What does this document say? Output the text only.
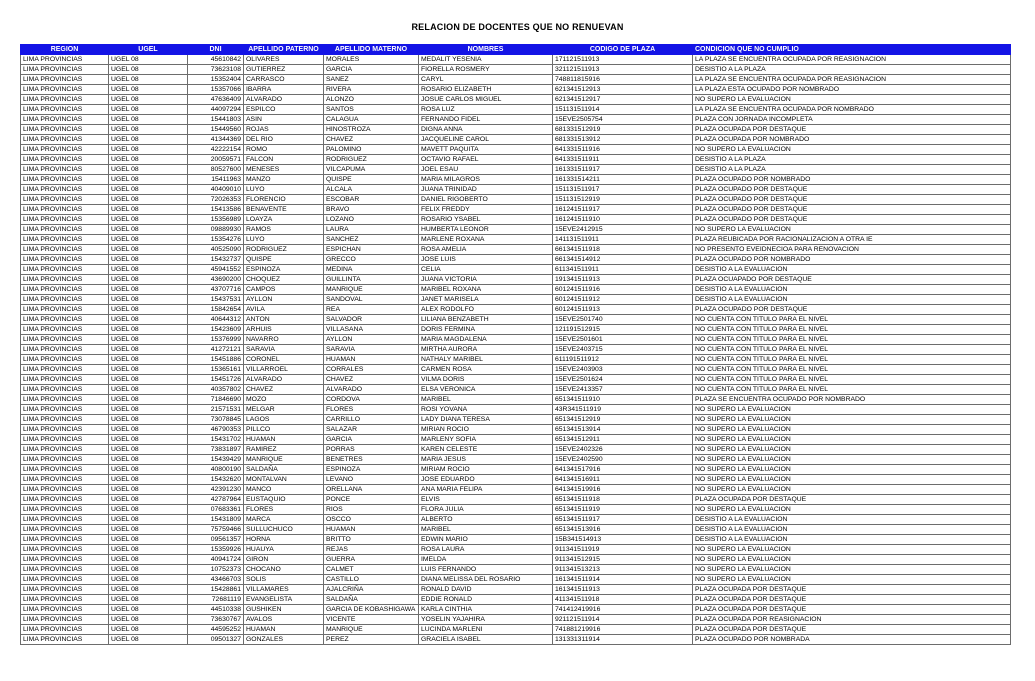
RELACION DE DOCENTES QUE NO RENUEVAN
REGION	UGEL	DNI	APELLIDO PATERNO	APELLIDO MATERNO	NOMBRES	CODIGO DE PLAZA	CONDICION QUE NO CUMPLIO
LIMA PROVINCIAS	UGEL 08	45610842	OLIVARES	MORALES	MEDALIT YESENIA	171121511913	LA PLAZA SE ENCUENTRA OCUPADA POR REASIGNACION
LIMA PROVINCIAS	UGEL 08	73623108	GUTIERREZ	GARCIA	FIORELLA ROSMERY	321121511913	DESISTIO A LA PLAZA
LIMA PROVINCIAS	UGEL 08	15352404	CARRASCO	SANEZ	CARYL	748811815916	LA PLAZA SE ENCUENTRA OCUPADA POR REASIGNACION
LIMA PROVINCIAS	UGEL 08	15357066	IBARRA	RIVERA	ROSARIO ELIZABETH	621341512913	LA PLAZA ESTA OCUPADO POR NOMBRADO
LIMA PROVINCIAS	UGEL 08	47636409	ALVARADO	ALONZO	JOSUE CARLOS MIGUEL	621341512917	NO SUPERO LA EVALUACION
LIMA PROVINCIAS	UGEL 08	44097294	ESPILCO	SANTOS	ROSA LUZ	151131511914	LA PLAZA SE ENCUENTRA OCUPADA POR NOMBRADO
LIMA PROVINCIAS	UGEL 08	15441803	ASIN	CALAGUA	FERNANDO FIDEL	15EVE2505754	PLAZA CON JORNADA INCOMPLETA
LIMA PROVINCIAS	UGEL 08	15449560	ROJAS	HINOSTROZA	DIGNA ANNA	681331512919	PLAZA OCUPADA POR DESTAQUE
LIMA PROVINCIAS	UGEL 08	41344369	DEL RIO	CHAVEZ	JACQUELINE CAROL	681331513912	PLAZA OCUPADA POR NOMBRADO
LIMA PROVINCIAS	UGEL 08	42222154	ROMO	PALOMINO	MAVETT PAQUITA	641331511916	NO SUPERO LA EVALUACION
LIMA PROVINCIAS	UGEL 08	20059571	FALCON	RODRIGUEZ	OCTAVIO RAFAEL	641331511911	DESISTIO A LA PLAZA
LIMA PROVINCIAS	UGEL 08	80527600	MENESES	VILCAPUMA	JOEL ESAU	161331511917	DESISTIO A LA PLAZA
LIMA PROVINCIAS	UGEL 08	15411963	MANZO	QUISPE	MARIA MILAGROS	161331514211	PLAZA OCUPADO POR NOMBRADO
LIMA PROVINCIAS	UGEL 08	40409010	LUYO	ALCALA	JUANA TRINIDAD	151131511917	PLAZA OCUPADO POR DESTAQUE
LIMA PROVINCIAS	UGEL 08	72026353	FLORENCIO	ESCOBAR	DANIEL RIGOBERTO	151131512919	PLAZA OCUPADO POR DESTAQUE
LIMA PROVINCIAS	UGEL 08	15413586	BENAVENTE	BRAVO	FELIX FREDDY	161241511917	PLAZA OCUPADO POR DESTAQUE
LIMA PROVINCIAS	UGEL 08	15356989	LOAYZA	LOZANO	ROSARIO YSABEL	161241511910	PLAZA OCUPADO POR DESTAQUE
LIMA PROVINCIAS	UGEL 08	09889930	RAMOS	LAURA	HUMBERTA LEONOR	15EVE2412915	NO SUPERO LA EVALUACION
LIMA PROVINCIAS	UGEL 08	15354276	LUYO	SANCHEZ	MARLENE ROXANA	141131511911	PLAZA REUBICADA POR RACIONALIZACION A OTRA IE
LIMA PROVINCIAS	UGEL 08	40525090	RODRIGUEZ	ESPICHAN	ROSA AMELIA	661341511918	NO PRESENTO EVEIDNECIOA PARA RENOVACION
LIMA PROVINCIAS	UGEL 08	15432737	QUISPE	GRECCO	JOSE LUIS	661341514912	PLAZA OCUPADO POR NOMBRADO
LIMA PROVINCIAS	UGEL 08	45941552	ESPINOZA	MEDINA	CELIA	611341511911	DESISTIO A LA EVALUACION
LIMA PROVINCIAS	UGEL 08	43690200	CHOQUEZ	GUILLINTA	JUANA VICTORIA	191341511913	PLAZA OCUAPADO POR DESTAQUE
LIMA PROVINCIAS	UGEL 08	43707716	CAMPOS	MANRIQUE	MARIBEL ROXANA	601241511916	DESISTIO A LA EVALUACION
LIMA PROVINCIAS	UGEL 08	15437531	AYLLON	SANDOVAL	JANET MARISELA	601241511912	DESISTIO A LA EVALUACION
LIMA PROVINCIAS	UGEL 08	15842654	AVILA	REA	ALEX RODOLFO	601241511913	PLAZA OCUPADO POR DESTAQUE
LIMA PROVINCIAS	UGEL 08	40644312	ANTON	SALVADOR	LILIANA BENZABETH	15EVE2501740	NO CUENTA CON TITULO PARA EL NIVEL
LIMA PROVINCIAS	UGEL 08	15423609	ARHUIS	VILLASANA	DORIS FERMINA	121191512915	NO CUENTA CON TITULO PARA EL NIVEL
LIMA PROVINCIAS	UGEL 08	15376999	NAVARRO	AYLLON	MARIA MAGDALENA	15EVE2501601	NO CUENTA CON TITULO PARA EL NIVEL
LIMA PROVINCIAS	UGEL 08	41272121	SARAVIA	SARAVIA	MIRTHA AURORA	15EVE2403715	NO CUENTA CON TITULO PARA EL NIVEL
LIMA PROVINCIAS	UGEL 08	15451886	CORONEL	HUAMAN	NATHALY MARIBEL	611191511912	NO CUENTA CON TITULO PARA EL NIVEL
LIMA PROVINCIAS	UGEL 08	15365161	VILLARROEL	CORRALES	CARMEN ROSA	15EVE2403903	NO CUENTA CON TITULO PARA EL NIVEL
LIMA PROVINCIAS	UGEL 08	15451726	ALVARADO	CHAVEZ	VILMA DORIS	15EVE2501624	NO CUENTA CON TITULO PARA EL NIVEL
LIMA PROVINCIAS	UGEL 08	40357802	CHAVEZ	ALVARADO	ELSA VERONICA	15EVE2413357	NO CUENTA CON TITULO PARA EL NIVEL
LIMA PROVINCIAS	UGEL 08	71846690	MOZO	CORDOVA	MARIBEL	651341511910	PLAZA SE ENCUENTRA OCUPADO POR NOMBRADO
LIMA PROVINCIAS	UGEL 08	21571531	MELGAR	FLORES	ROSI YOVANA	43R341511919	NO SUPERO LA EVALUACION
LIMA PROVINCIAS	UGEL 08	73078845	LAGOS	CARRILLO	LADY DIANA TERESA	651341512919	NO SUPERO LA EVALUACION
LIMA PROVINCIAS	UGEL 08	46790353	PILLCO	SALAZAR	MIRIAN ROCIO	651341513914	NO SUPERO LA EVALUACION
LIMA PROVINCIAS	UGEL 08	15431702	HUAMAN	GARCIA	MARLENY SOFIA	651341512911	NO SUPERO LA EVALUACION
LIMA PROVINCIAS	UGEL 08	73831897	RAMIREZ	PORRAS	KAREN CELESTE	15EVE2402326	NO SUPERO LA EVALUACION
LIMA PROVINCIAS	UGEL 08	15439429	MANRIQUE	BENETRES	MARIA JESUS	15EVE2402590	NO SUPERO LA EVALUACION
LIMA PROVINCIAS	UGEL 08	40800190	SALDAÑA	ESPINOZA	MIRIAM ROCIO	641341517916	NO SUPERO LA EVALUACION
LIMA PROVINCIAS	UGEL 08	15432620	MONTALVAN	LEVANO	JOSE EDUARDO	641341516911	NO SUPERO LA EVALUACION
LIMA PROVINCIAS	UGEL 08	42391230	MANCO	ORELLANA	ANA MARIA FELIPA	641341519916	NO SUPERO LA EVALUACION
LIMA PROVINCIAS	UGEL 08	42787964	EUSTAQUIO	PONCE	ELVIS	651341511918	PLAZA OCUPADA POR DESTAQUE
LIMA PROVINCIAS	UGEL 08	07683361	FLORES	RIOS	FLORA JULIA	651341511919	NO SUPERO LA EVALUACION
LIMA PROVINCIAS	UGEL 08	15431809	MARCA	OSCCO	ALBERTO	651341511917	DESISTIO A LA EVALUACION
LIMA PROVINCIAS	UGEL 08	75759466	SULLUCHUCO	HUAMAN	MARIBEL	651341513916	DESISTIO A LA EVALUACION
LIMA PROVINCIAS	UGEL 08	09561357	HORNA	BRITTO	EDWIN MARIO	15B341514913	DESISTIO A LA EVALUACION
LIMA PROVINCIAS	UGEL 08	15359926	HUAUYA	REJAS	ROSA LAURA	911341511919	NO SUPERO LA EVALUACION
LIMA PROVINCIAS	UGEL 08	40941724	GIRON	GUERRA	IMELDA	911341512915	NO SUPERO LA EVALUACION
LIMA PROVINCIAS	UGEL 08	10752373	CHOCANO	CALMET	LUIS FERNANDO	911341513213	NO SUPERO LA EVALUACION
LIMA PROVINCIAS	UGEL 08	43466703	SOLIS	CASTILLO	DIANA MELISSA DEL ROSARIO	161341511914	NO SUPERO LA EVALUACION
LIMA PROVINCIAS	UGEL 08	15428861	VILLAMARES	AJALCRIÑA	RONALD DAVID	161341511913	PLAZA OCUPADA POR DESTAQUE
LIMA PROVINCIAS	UGEL 08	72681119	EVANGELISTA	SALDAÑA	EDDIE RONALD	411341511918	PLAZA OCUPADA POR DESTAQUE
LIMA PROVINCIAS	UGEL 08	44510338	GUSHIKEN	GARCIA DE KOBASHIGAWA	KARLA CINTHIA	741412419916	PLAZA OCUPADA POR DESTAQUE
LIMA PROVINCIAS	UGEL 08	73630767	AVALOS	VICENTE	YOSELIN YAJAHIRA	921121511914	PLAZA OCUPADA POR REASIGNACION
LIMA PROVINCIAS	UGEL 08	44595252	HUAMAN	MANRIQUE	LUCINDA MARLENI	741881219916	PLAZA OCUPADA POR DESTAQUE
LIMA PROVINCIAS	UGEL 08	09501327	GONZALES	PEREZ	GRACIELA ISABEL	131331311914	PLAZA OCUPADO POR NOMBRADA
